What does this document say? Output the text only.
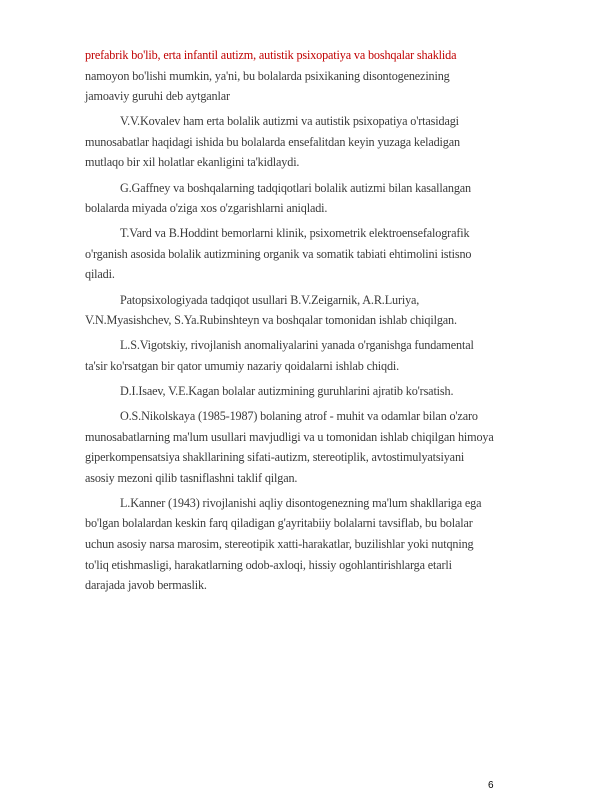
prefabrik bo'lib, erta infantil autizm, autistik psixopatiya va boshqalar shaklida
namoyon bo'lishi mumkin, ya'ni, bu bolalarda psixikaning disontogenezining
jamoaviy guruhi deb aytganlar
V.V.Kovalev ham erta bolalik autizmi va autistik psixopatiya o'rtasidagi
munosabatlar haqidagi ishida bu bolalarda ensefalitdan keyin yuzaga keladigan
mutlaqo bir xil holatlar ekanligini ta'kidlaydi.
G.Gaffney va boshqalarning tadqiqotlari bolalik autizmi bilan kasallangan
bolalarda miyada o'ziga xos o'zgarishlarni aniqladi.
T.Vard va B.Hoddint bemorlarni klinik, psixometrik elektroensefalografik
o'rganish asosida bolalik autizmining organik va somatik tabiati ehtimolini istisno
qiladi.
Patopsixologiyada tadqiqot usullari B.V.Zeigarnik, A.R.Luriya,
V.N.Myasishchev, S.Ya.Rubinshteyn va boshqalar tomonidan ishlab chiqilgan.
L.S.Vigotskiy, rivojlanish anomaliyalarini yanada o'rganishga fundamental
ta'sir ko'rsatgan bir qator umumiy nazariy qoidalarni ishlab chiqdi.
D.I.Isaev, V.E.Kagan bolalar autizmining guruhlarini ajratib ko'rsatish.
O.S.Nikolskaya (1985-1987) bolaning atrof - muhit va odamlar bilan o'zaro
munosabatlarning ma'lum usullari mavjudligi va u tomonidan ishlab chiqilgan himoya
giperkompensatsiya shakllarining sifati-autizm, stereotiplik, avtostimulyatsiyani
asosiy mezoni qilib tasniflashni taklif qilgan.
L.Kanner (1943) rivojlanishi aqliy disontogenezning ma'lum shakllariga ega
bo'lgan bolalardan keskin farq qiladigan g'ayritabiiy bolalarni tavsiflab, bu bolalar
uchun asosiy narsa marosim, stereotipik xatti-harakatlar, buzilishlar yoki nutqning
to'liq etishmasligi, harakatlarning odob-axloqi, hissiy ogohlantirishlarga etarli
darajada javob bermaslik.
6
